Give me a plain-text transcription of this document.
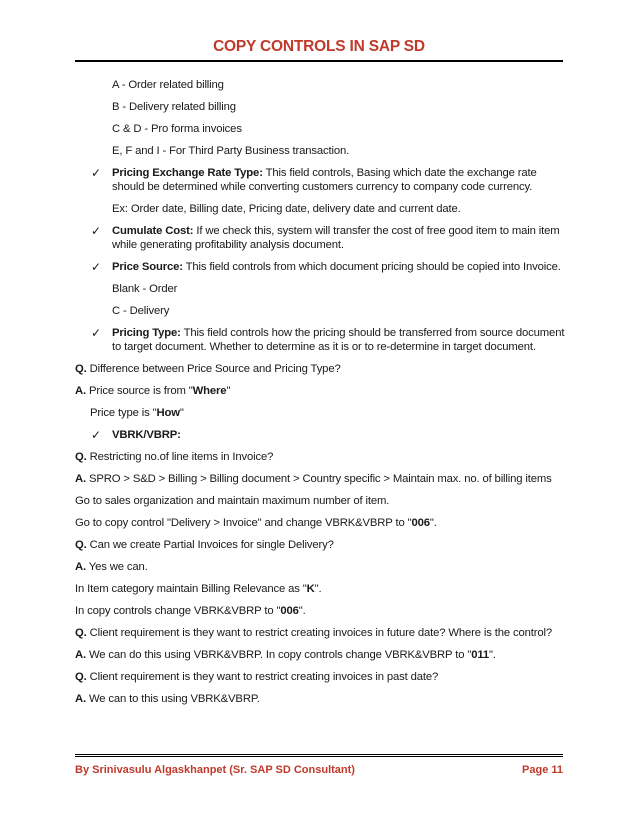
COPY CONTROLS IN SAP SD

A - Order related billing

B - Delivery related billing

C & D - Pro forma invoices

E, F and I - For Third Party Business transaction.

✓ Pricing Exchange Rate Type: This field controls, Basing which date the exchange rate should be determined while converting customers currency to company code currency.

Ex: Order date, Billing date, Pricing date, delivery date and current date.

✓ Cumulate Cost: If we check this, system will transfer the cost of free good item to main item while generating profitability analysis document.

✓ Price Source: This field controls from which document pricing should be copied into Invoice.

Blank - Order

C - Delivery

✓ Pricing Type: This field controls how the pricing should be transferred from source document to target document. Whether to determine as it is or to re-determine in target document.

Q. Difference between Price Source and Pricing Type?

A. Price source is from "Where"

Price type is "How"

✓ VBRK/VBRP:

Q. Restricting no.of line items in Invoice?

A. SPRO > S&D > Billing > Billing document > Country specific > Maintain max. no. of billing items

Go to sales organization and maintain maximum number of item.

Go to copy control "Delivery > Invoice" and change VBRK&VBRP to "006".

Q. Can we create Partial Invoices for single Delivery?

A. Yes we can.

In Item category maintain Billing Relevance as "K".

In copy controls change VBRK&VBRP to "006".

Q. Client requirement is they want to restrict creating invoices in future date? Where is the control?

A. We can do this using VBRK&VBRP. In copy controls change VBRK&VBRP to "011".

Q. Client requirement is they want to restrict creating invoices in past date?

A. We can to this using VBRK&VBRP.

By Srinivasulu Algaskhanpet (Sr. SAP SD Consultant)	Page 11
